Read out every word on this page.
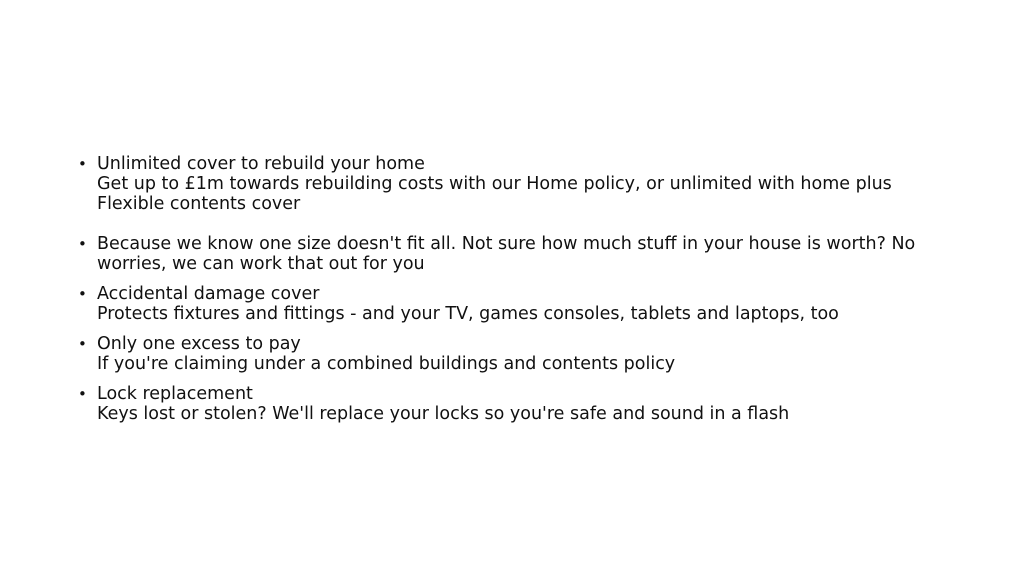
• Unlimited cover to rebuild your home
Get up to £1m towards rebuilding costs with our Home policy, or unlimited with home plus Flexible contents cover
• Because we know one size doesn't fit all. Not sure how much stuff in your house is worth? No worries, we can work that out for you
• Accidental damage cover
Protects fixtures and fittings - and your TV, games consoles, tablets and laptops, too
• Only one excess to pay
If you're claiming under a combined buildings and contents policy
• Lock replacement
Keys lost or stolen? We'll replace your locks so you're safe and sound in a flash
